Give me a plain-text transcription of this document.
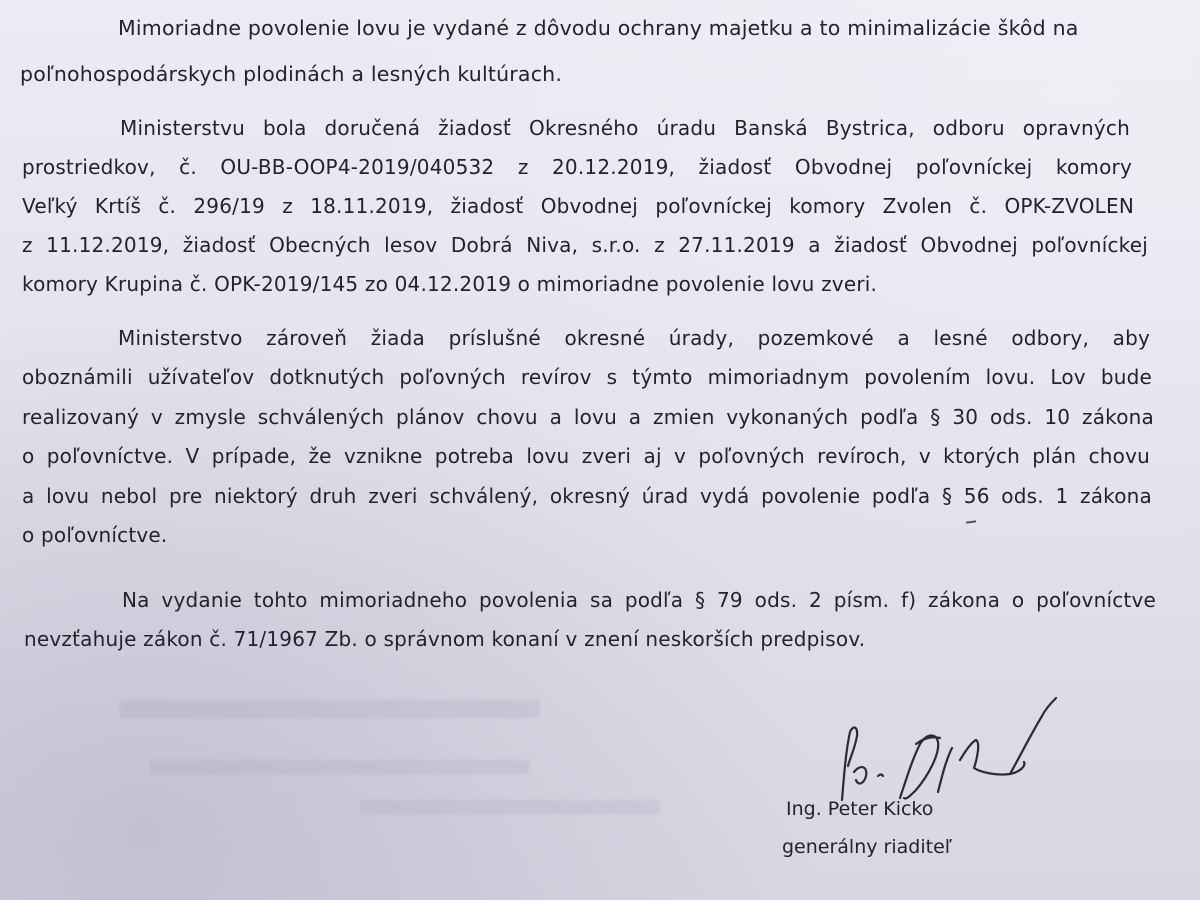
Mimoriadne povolenie lovu je vydané z dôvodu ochrany majetku a to minimalizácie škôd na
poľnohospodárskych plodinách a lesných kultúrach.
Ministerstvu bola doručená žiadosť Okresného úradu Banská Bystrica, odboru opravných
prostriedkov, č. OU-BB-OOP4-2019/040532 z 20.12.2019, žiadosť Obvodnej poľovníckej komory
Veľký Krtíš č. 296/19 z 18.11.2019, žiadosť Obvodnej poľovníckej komory Zvolen č. OPK-ZVOLEN
z 11.12.2019, žiadosť Obecných lesov Dobrá Niva, s.r.o. z 27.11.2019 a žiadosť Obvodnej poľovníckej
komory Krupina č. OPK-2019/145 zo 04.12.2019 o mimoriadne povolenie lovu zveri.
Ministerstvo zároveň žiada príslušné okresné úrady, pozemkové a lesné odbory, aby
oboznámili užívateľov dotknutých poľovných revírov s týmto mimoriadnym povolením lovu. Lov bude
realizovaný v zmysle schválených plánov chovu a lovu a zmien vykonaných podľa § 30 ods. 10 zákona
o poľovníctve. V prípade, že vznikne potreba lovu zveri aj v poľovných revíroch, v ktorých plán chovu
a lovu nebol pre niektorý druh zveri schválený, okresný úrad vydá povolenie podľa § 56 ods. 1 zákona
o poľovníctve.
Na vydanie tohto mimoriadneho povolenia sa podľa § 79 ods. 2 písm. f) zákona o poľovníctve
nevzťahuje zákon č. 71/1967 Zb. o správnom konaní v znení neskorších predpisov.
Ing. Peter Kicko
generálny riaditeľ
